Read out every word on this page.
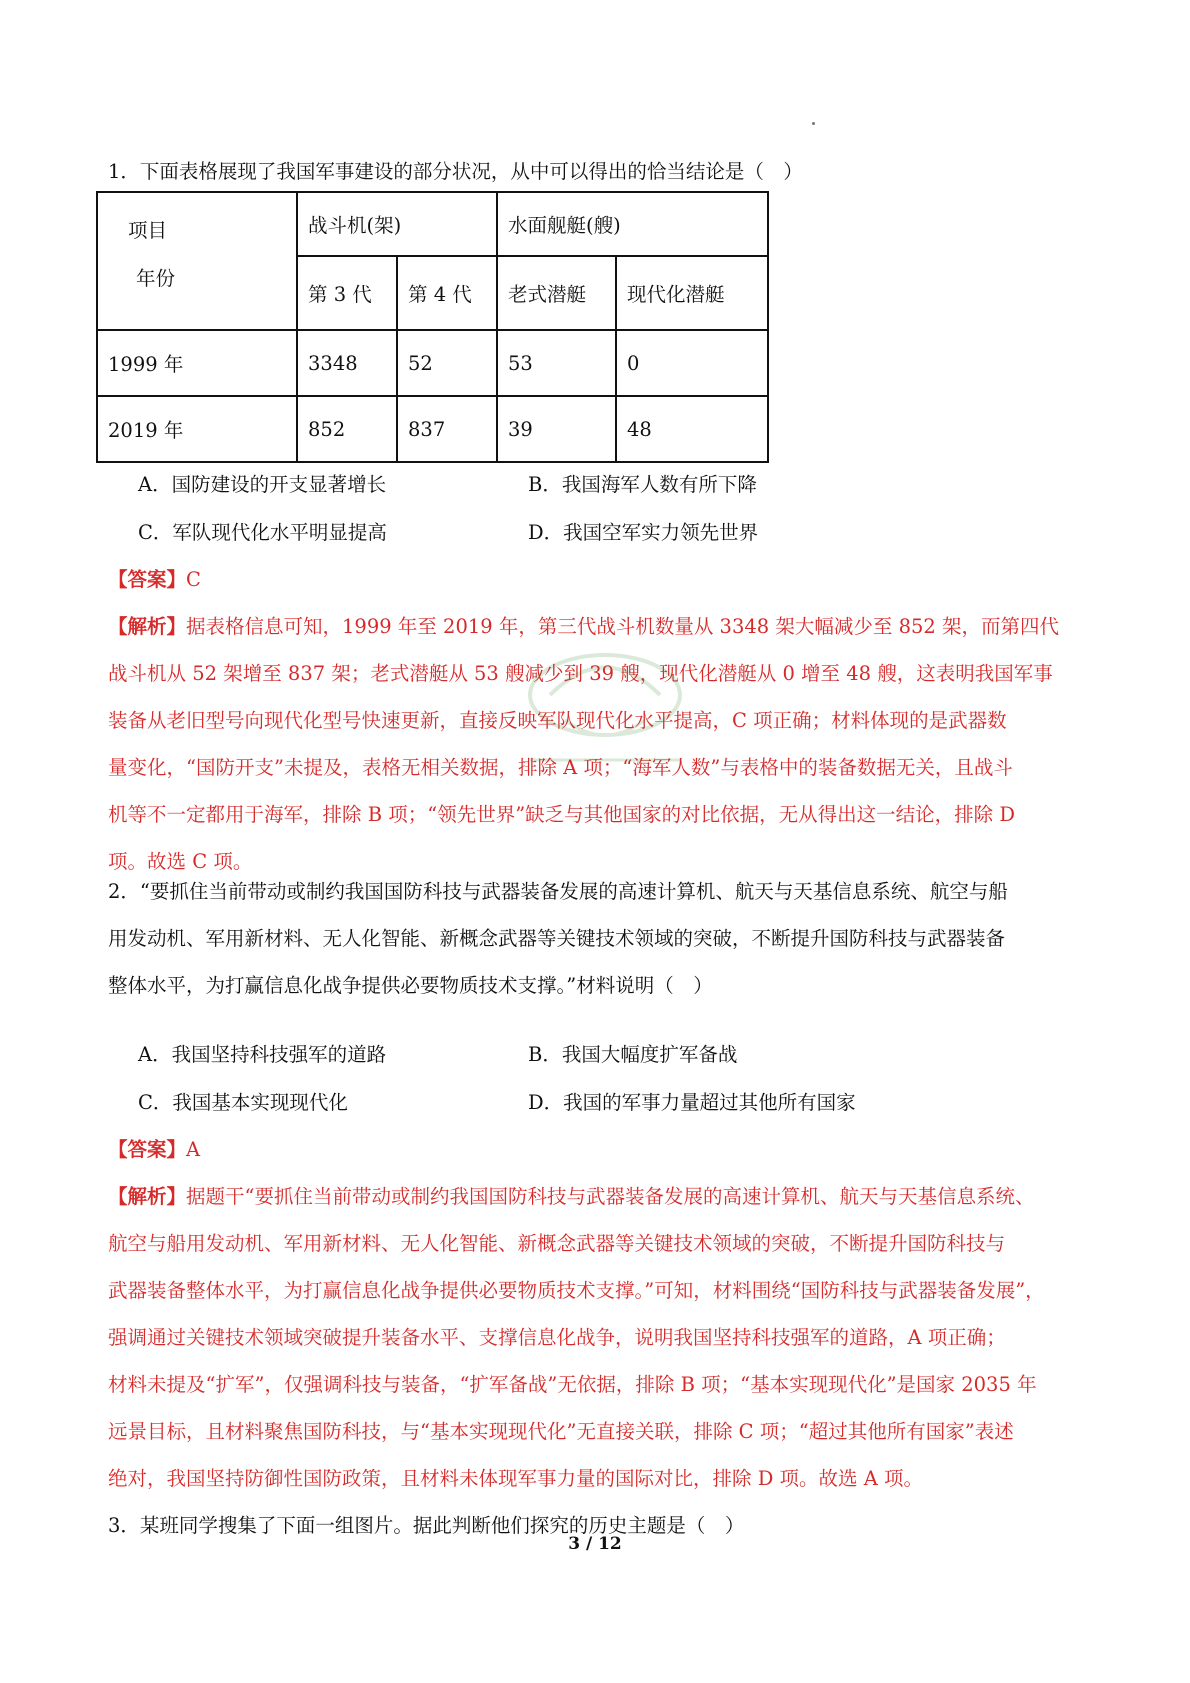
1．下面表格展现了我国军事建设的部分状况，从中可以得出的恰当结论是（　）
项目
年份	战斗机(架)		水面舰艇(艘)	
	第 3 代	第 4 代	老式潜艇	现代化潜艇
1999 年	3348	52	53	0
2019 年	852	837	39	48
A．国防建设的开支显著增长	B．我国海军人数有所下降
C．军队现代化水平明显提高	D．我国空军实力领先世界
【答案】C
【解析】据表格信息可知，1999 年至 2019 年，第三代战斗机数量从 3348 架大幅减少至 852 架，而第四代
战斗机从 52 架增至 837 架；老式潜艇从 53 艘减少到 39 艘，现代化潜艇从 0 增至 48 艘，这表明我国军事
装备从老旧型号向现代化型号快速更新，直接反映军队现代化水平提高，C 项正确；材料体现的是武器数
量变化，“国防开支”未提及，表格无相关数据，排除 A 项；“海军人数”与表格中的装备数据无关，且战斗
机等不一定都用于海军，排除 B 项；“领先世界”缺乏与其他国家的对比依据，无从得出这一结论，排除 D
项。故选 C 项。
2．“要抓住当前带动或制约我国国防科技与武器装备发展的高速计算机、航天与天基信息系统、航空与船
用发动机、军用新材料、无人化智能、新概念武器等关键技术领域的突破，不断提升国防科技与武器装备
整体水平，为打赢信息化战争提供必要物质技术支撑。”材料说明（　）
A．我国坚持科技强军的道路	B．我国大幅度扩军备战
C．我国基本实现现代化	D．我国的军事力量超过其他所有国家
【答案】A
【解析】据题干“要抓住当前带动或制约我国国防科技与武器装备发展的高速计算机、航天与天基信息系统、
航空与船用发动机、军用新材料、无人化智能、新概念武器等关键技术领域的突破，不断提升国防科技与
武器装备整体水平，为打赢信息化战争提供必要物质技术支撑。”可知，材料围绕“国防科技与武器装备发展”，
强调通过关键技术领域突破提升装备水平、支撑信息化战争，说明我国坚持科技强军的道路，A 项正确；
材料未提及“扩军”，仅强调科技与装备，“扩军备战”无依据，排除 B 项；“基本实现现代化”是国家 2035 年
远景目标，且材料聚焦国防科技，与“基本实现现代化”无直接关联，排除 C 项；“超过其他所有国家”表述
绝对，我国坚持防御性国防政策，且材料未体现军事力量的国际对比，排除 D 项。故选 A 项。
3．某班同学搜集了下面一组图片。据此判断他们探究的历史主题是（　）
3 / 12
